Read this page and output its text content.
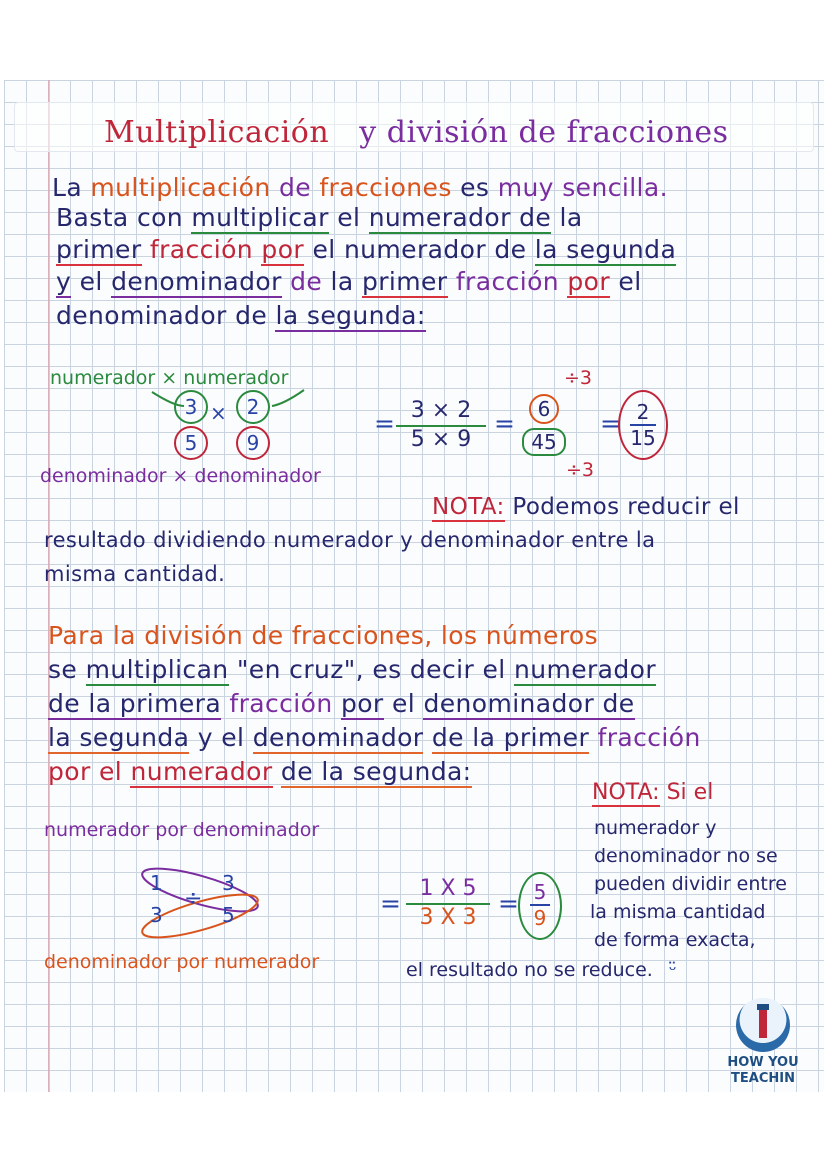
Multiplicación y división de fracciones
La multiplicación de fracciones es muy sencilla.
Basta con multiplicar el numerador de la
primer fracción por el numerador de la segunda
y el denominador de la primer fracción por el
denominador de la segunda:
numerador × numerador
3
5
× 2
9
denominador × denominador
= $\frac{3 \times 2}{5 \times 9}$ =
÷3
6
45
÷3
=
$\frac{2}{15}$
NOTA: Podemos reducir el
resultado dividiendo numerador y denominador entre la
misma cantidad.
Para la división de fracciones, los números
se multiplican "en cruz", es decir el numerador
de la primera fracción por el denominador de
la segunda y el denominador de la primer fracción
por el numerador de la segunda:
numerador por denominador
1
3
÷
3
5
denominador por numerador
= $\frac{1 X 5}{3 X 3} = \frac{5}{9}$
NOTA: Si el
numerador y
denominador no se
pueden dividir entre
la misma cantidad
de forma exacta,
el resultado no se reduce. ᵕ̈
HOW YOU TEACHIN
